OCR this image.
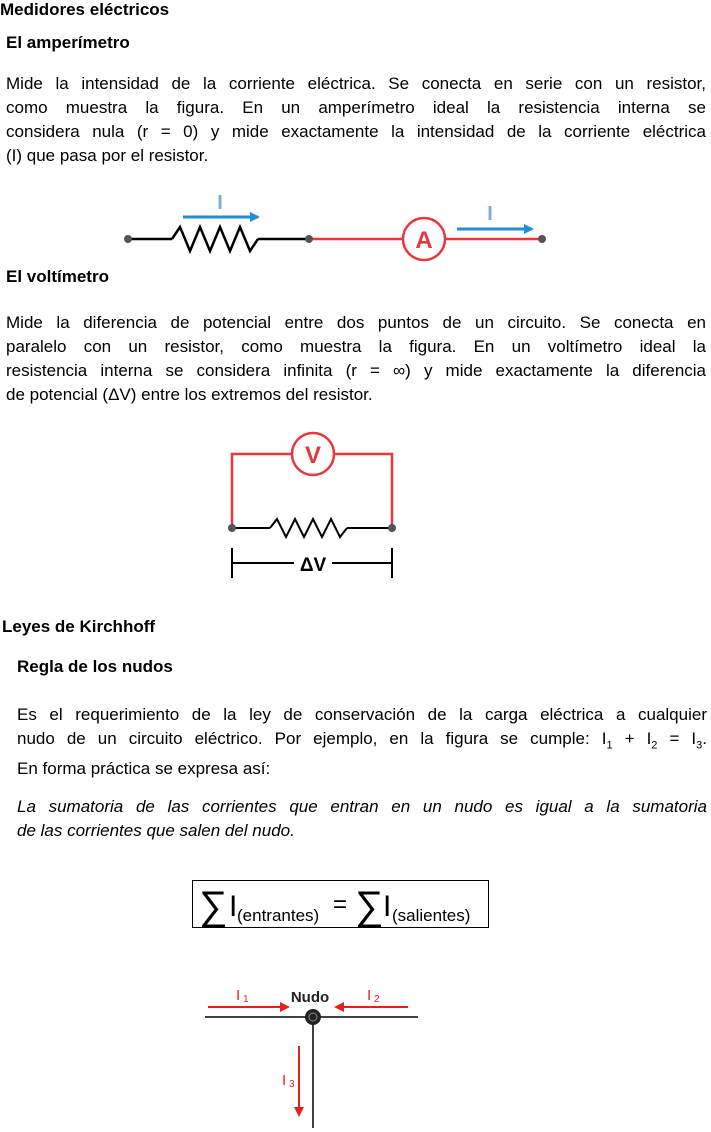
Medidores eléctricos
El amperímetro
Mide la intensidad de la corriente eléctrica. Se conecta en serie con un resistor,
como muestra la figura. En un amperímetro ideal la resistencia interna se
considera nula (r = 0) y mide exactamente la intensidad de la corriente eléctrica
(I) que pasa por el resistor.
A
I	I
El voltímetro
Mide la diferencia de potencial entre dos puntos de un circuito. Se conecta en
paralelo con un resistor, como muestra la figura. En un voltímetro ideal la
resistencia interna se considera infinita (r = ∞) y mide exactamente la diferencia
de potencial (ΔV) entre los extremos del resistor.
V
ΔV
Leyes de Kirchhoff
Regla de los nudos
Es el requerimiento de la ley de conservación de la carga eléctrica a cualquier
nudo de un circuito eléctrico. Por ejemplo, en la figura se cumple: $I_1 + I_2 = I_3$.
En forma práctica se expresa así:
La sumatoria de las corrientes que entran en un nudo es igual a la sumatoria
de las corrientes que salen del nudo.
∑ I (entrantes) = ∑ I (salientes)
Nudo
I 1	I 2
I 3
